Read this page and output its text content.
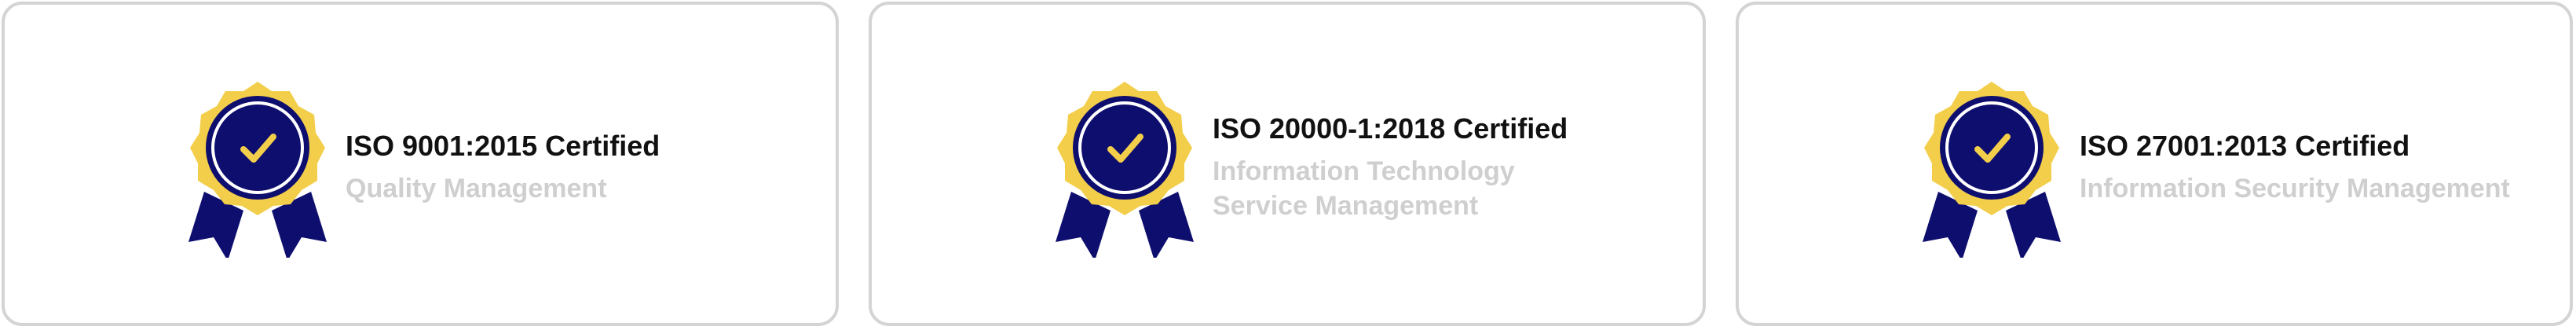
ISO 9001:2015 Certified
Quality Management
ISO 20000-1:2018 Certified
Information Technology
Service Management
ISO 27001:2013 Certified
Information Security Management
